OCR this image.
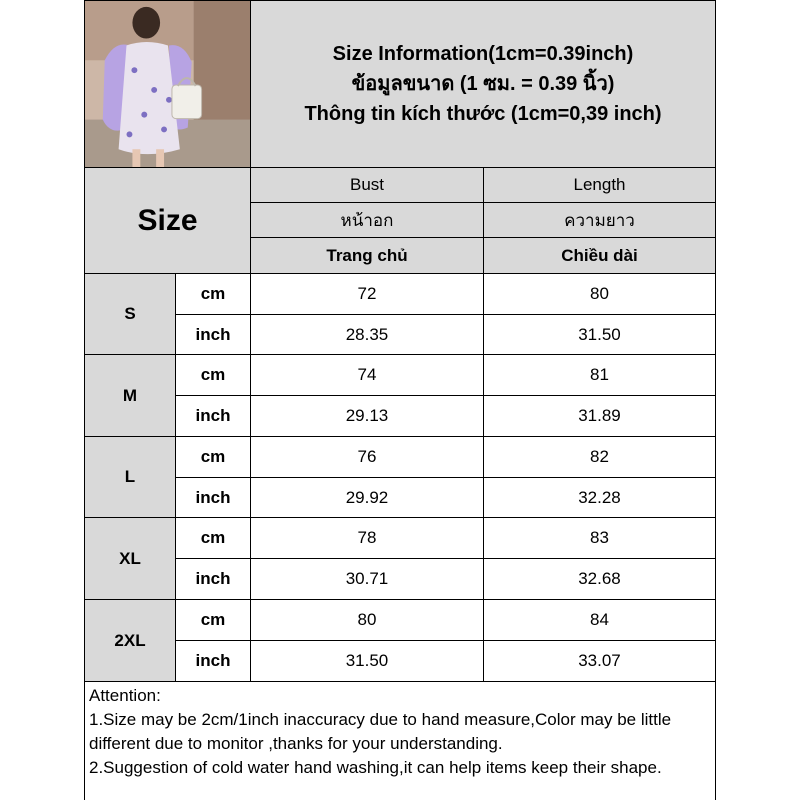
Size Information(1cm=0.39inch)
ข้อมูลขนาด (1 ซม. = 0.39 นิ้ว)
Thông tin kích thước (1cm=0,39 inch)
Size
Bust	Length
หน้าอก	ความยาว
Trang chủ	Chiều dài
S
cm	72	80
inch	28.35	31.50
M
cm	74	81
inch	29.13	31.89
L
cm	76	82
inch	29.92	32.28
XL
cm	78	83
inch	30.71	32.68
2XL
cm	80	84
inch	31.50	33.07

Attention:

1.Size may be 2cm/1inch inaccuracy due to hand measure,Color may be little different due to monitor ,thanks for your understanding.

2.Suggestion of cold water hand washing,it can help items keep their shape.
